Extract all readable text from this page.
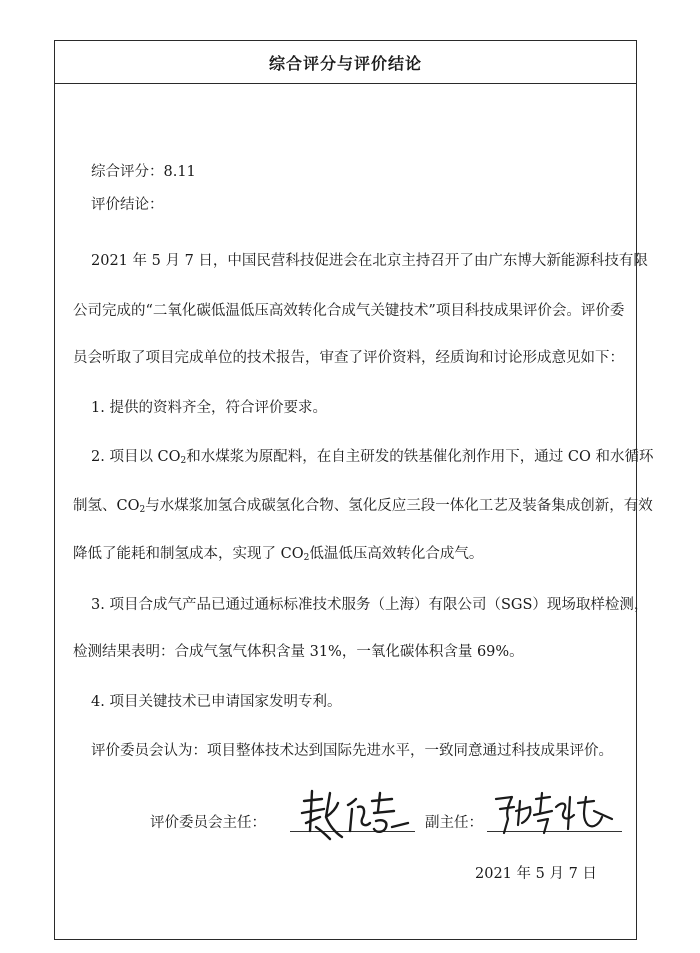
综合评分与评价结论
综合评分：8.11
评价结论：
2021 年 5 月 7 日，中国民营科技促进会在北京主持召开了由广东博大新能源科技有限
公司完成的“二氧化碳低温低压高效转化合成气关键技术”项目科技成果评价会。评价委
员会听取了项目完成单位的技术报告，审查了评价资料，经质询和讨论形成意见如下：
1. 提供的资料齐全，符合评价要求。
2. 项目以 $CO_2$和水煤浆为原配料，在自主研发的铁基催化剂作用下，通过 CO 和水循环
制氢、$CO_2$与水煤浆加氢合成碳氢化合物、氢化反应三段一体化工艺及装备集成创新，有效
降低了能耗和制氢成本，实现了 $CO_2$低温低压高效转化合成气。
3. 项目合成气产品已通过通标标准技术服务（上海）有限公司（SGS）现场取样检测，
检测结果表明：合成气氢气体积含量 31%，一氧化碳体积含量 69%。
4. 项目关键技术已申请国家发明专利。
评价委员会认为：项目整体技术达到国际先进水平，一致同意通过科技成果评价。
评价委员会主任：	副主任：
2021 年 5 月 7 日
